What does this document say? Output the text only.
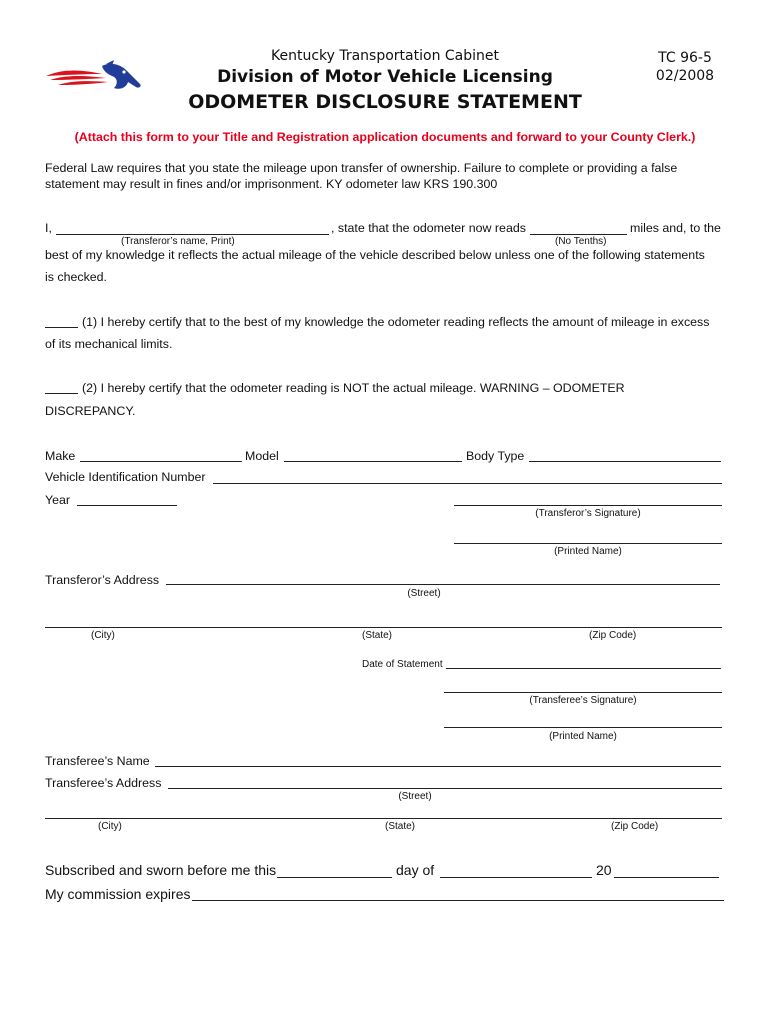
Kentucky Transportation Cabinet
Division of Motor Vehicle Licensing
ODOMETER DISCLOSURE STATEMENT
TC 96-5
02/2008
(Attach this form to your Title and Registration application documents and forward to your County Clerk.)
Federal Law requires that you state the mileage upon transfer of ownership. Failure to complete or providing a false
statement may result in fines and/or imprisonment. KY odometer law KRS 190.300
I,	, state that the odometer now reads	miles and, to the
(Transferor’s name, Print)	(No Tenths)
best of my knowledge it reflects the actual mileage of the vehicle described below unless one of the following statements
is checked.
(1) I hereby certify that to the best of my knowledge the odometer reading reflects the amount of mileage in excess
of its mechanical limits.
(2) I hereby certify that the odometer reading is NOT the actual mileage. WARNING – ODOMETER
DISCREPANCY.
Make	Model	Body Type
Vehicle Identification Number
Year
(Transferor’s Signature)
(Printed Name)
Transferor’s Address
(Street)
(City)	(State)	(Zip Code)
Date of Statement
(Transferee’s Signature)
(Printed Name)
Transferee’s Name
Transferee’s Address
(Street)
(City)	(State)	(Zip Code)
Subscribed and sworn before me this	day of	20
My commission expires
